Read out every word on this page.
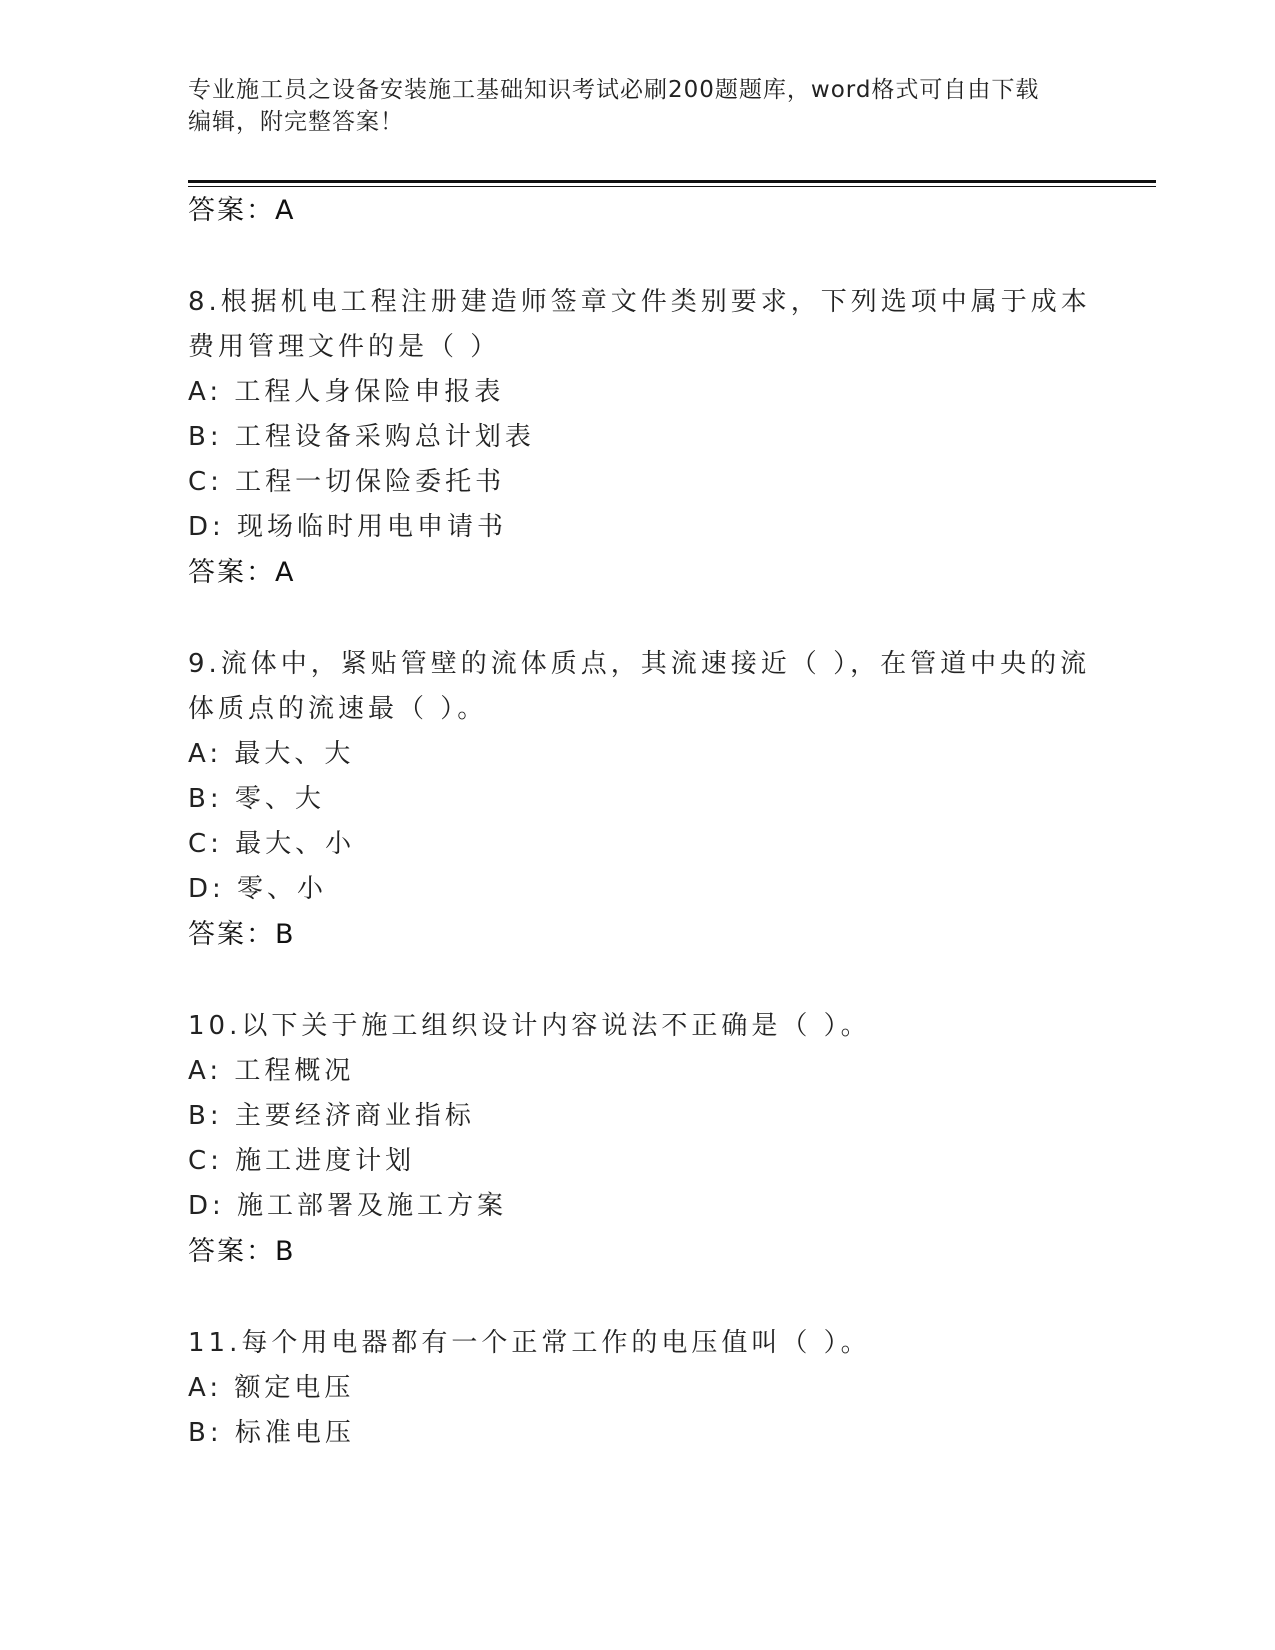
专业施工员之设备安装施工基础知识考试必刷200题题库，word格式可自由下载
编辑，附完整答案！
答案：A
8.根据机电工程注册建造师签章文件类别要求，下列选项中属于成本
费用管理文件的是（ ）
A: 工程人身保险申报表
B: 工程设备采购总计划表
C: 工程一切保险委托书
D: 现场临时用电申请书
答案：A
9.流体中，紧贴管壁的流体质点，其流速接近（ ），在管道中央的流
体质点的流速最（ ）。
A: 最大、大
B: 零、大
C: 最大、小
D: 零、小
答案：B
10.以下关于施工组织设计内容说法不正确是（ ）。
A: 工程概况
B: 主要经济商业指标
C: 施工进度计划
D: 施工部署及施工方案
答案：B
11.每个用电器都有一个正常工作的电压值叫（ ）。
A: 额定电压
B: 标准电压
